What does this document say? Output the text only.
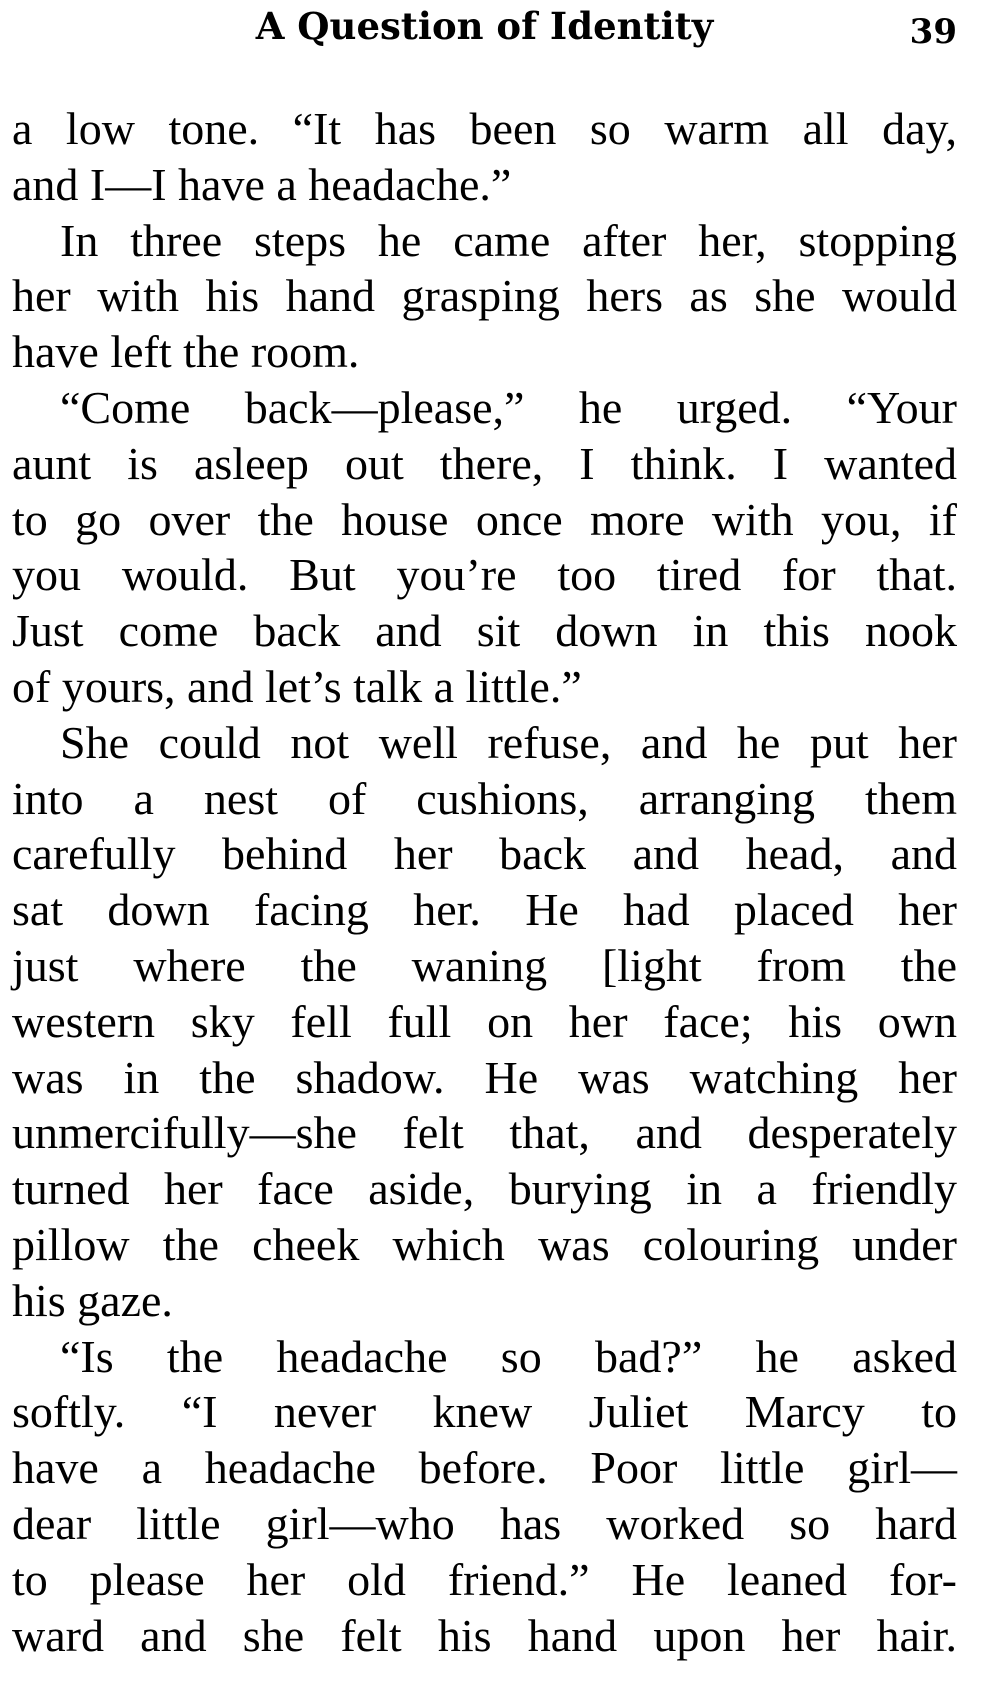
A Question of Identity	39
a low tone. “It has been so warm all day,
and I—I have a headache.”
In three steps he came after her, stopping
her with his hand grasping hers as she would
have left the room.
“Come back—please,” he urged. “Your
aunt is asleep out there, I think. I wanted
to go over the house once more with you, if
you would. But you’re too tired for that.
Just come back and sit down in this nook
of yours, and let’s talk a little.”
She could not well refuse, and he put her
into a nest of cushions, arranging them
carefully behind her back and head, and
sat down facing her. He had placed her
just where the waning [light from the
western sky fell full on her face; his own
was in the shadow. He was watching her
unmercifully—she felt that, and desperately
turned her face aside, burying in a friendly
pillow the cheek which was colouring under
his gaze.
“Is the headache so bad?” he asked
softly. “I never knew Juliet Marcy to
have a headache before. Poor little girl—
dear little girl—who has worked so hard
to please her old friend.” He leaned for-
ward and she felt his hand upon her hair.
